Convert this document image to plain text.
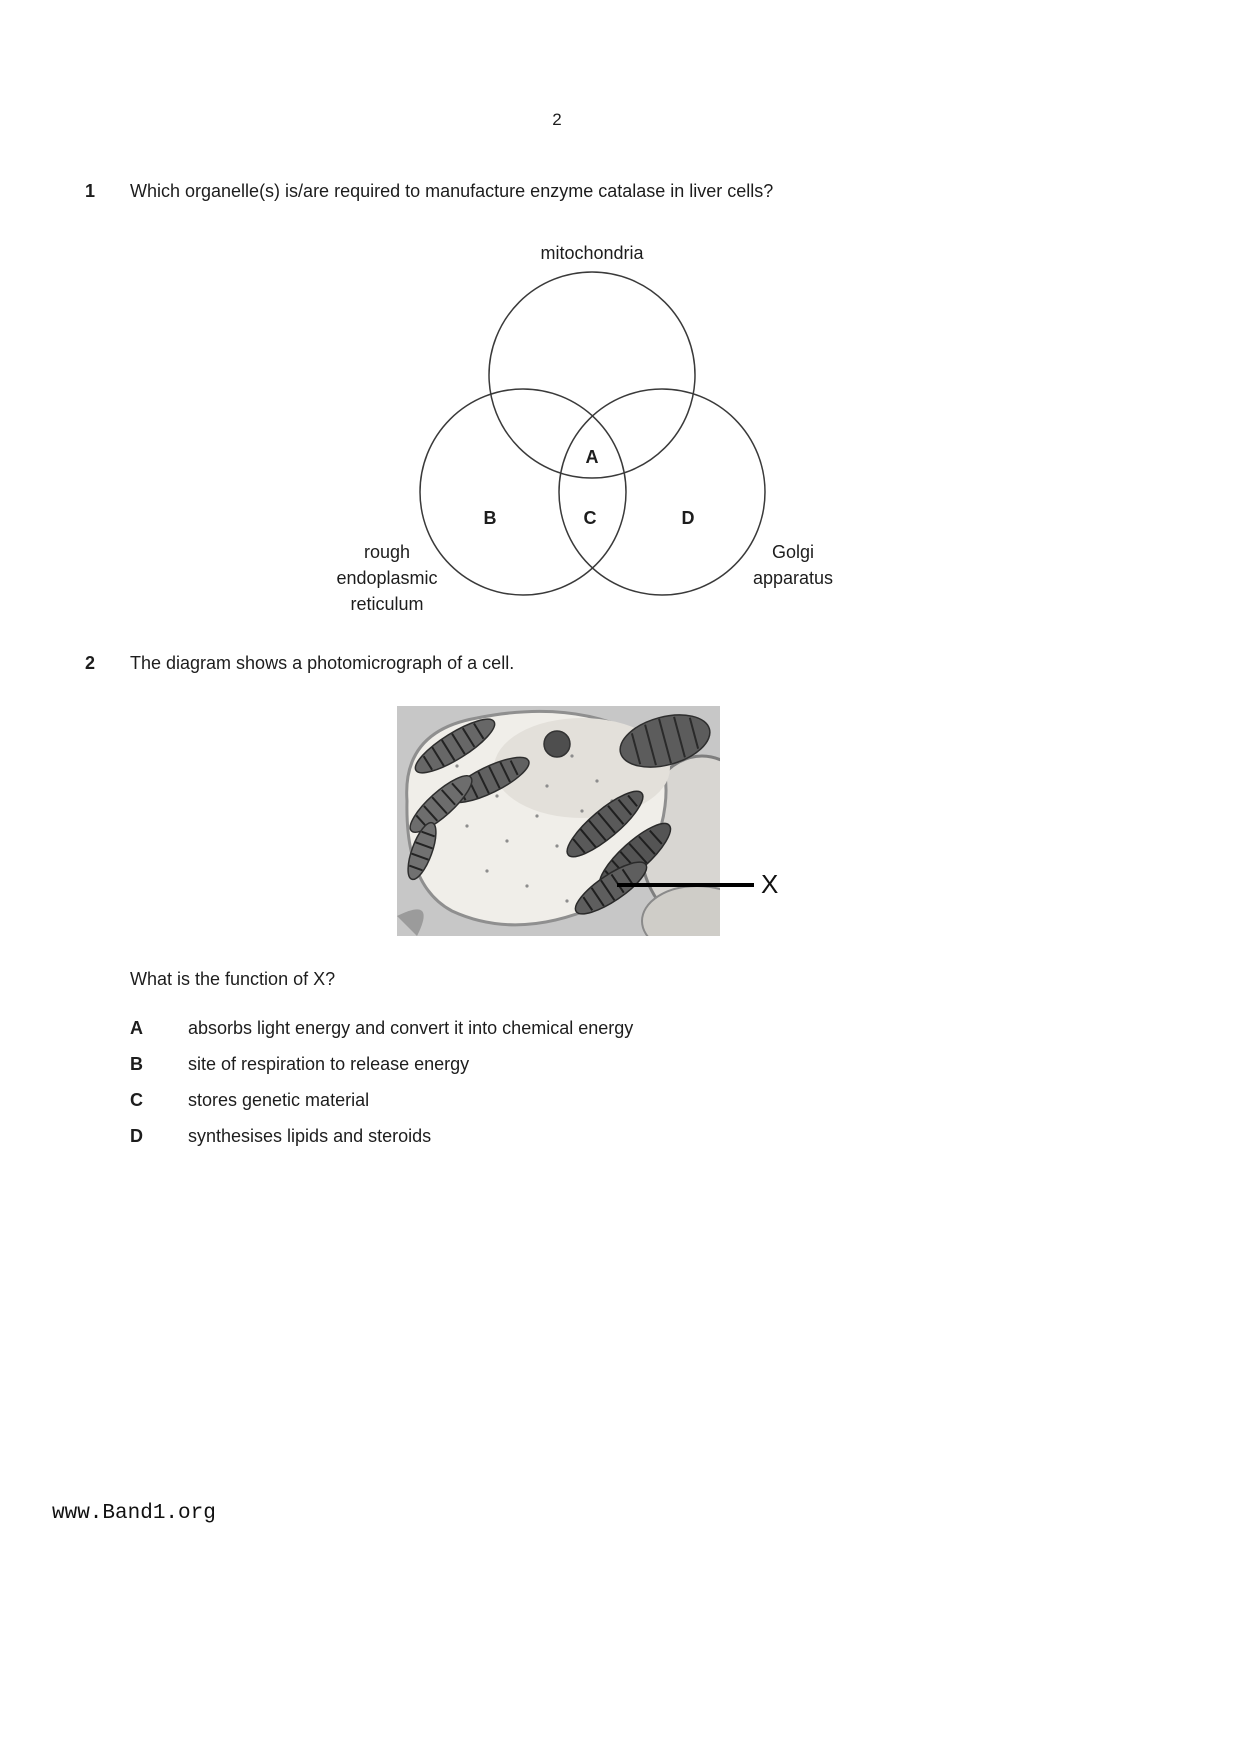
2
1 Which organelle(s) is/are required to manufacture enzyme catalase in liver cells?
mitochondria
A
B	C	D
rough
endoplasmic
reticulum
Golgi
apparatus
2 The diagram shows a photomicrograph of a cell.
X
What is the function of X?
A	absorbs light energy and convert it into chemical energy
B	site of respiration to release energy
C	stores genetic material
D	synthesises lipids and steroids
www.Band1.org
